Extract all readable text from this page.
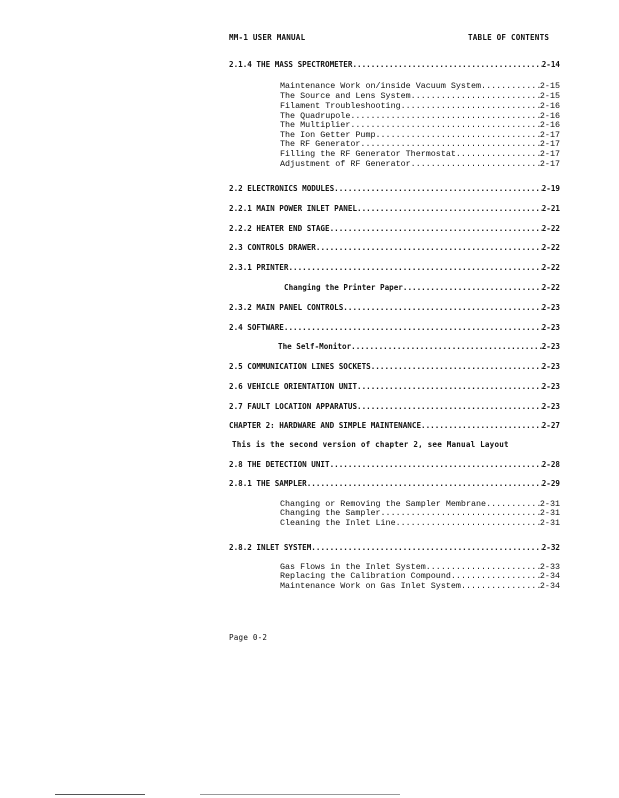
MM-1 USER MANUAL	TABLE OF CONTENTS
2.1.4 THE MASS SPECTROMETER .....	2-14
Maintenance Work on/inside Vacuum System .....	2-15
The Source and Lens System .....	2-15
Filament Troubleshooting .....	2-16
The Quadrupole .....	2-16
The Multiplier .....	2-16
The Ion Getter Pump .....	2-17
The RF Generator .....	2-17
Filling the RF Generator Thermostat .....	2-17
Adjustment of RF Generator .....	2-17
2.2 ELECTRONICS MODULES .....	2-19
2.2.1 MAIN POWER INLET PANEL .....	2-21
2.2.2 HEATER END STAGE .....	2-22
2.3 CONTROLS DRAWER .....	2-22
2.3.1 PRINTER .....	2-22
Changing the Printer Paper .....	2-22
2.3.2 MAIN PANEL CONTROLS .....	2-23
2.4 SOFTWARE .....	2-23
The Self-Monitor .....	2-23
2.5 COMMUNICATION LINES SOCKETS .....	2-23
2.6 VEHICLE ORIENTATION UNIT .....	2-23
2.7 FAULT LOCATION APPARATUS .....	2-23
CHAPTER 2: HARDWARE AND SIMPLE MAINTENANCE .....	2-27
2.8 THE DETECTION UNIT .....	2-28
2.8.1 THE SAMPLER .....	2-29
Changing or Removing the Sampler Membrane .....	2-31
Changing the Sampler .....	2-31
Cleaning the Inlet Line .....	2-31
2.8.2 INLET SYSTEM .....	2-32
Gas Flows in the Inlet System .....	2-33
Replacing the Calibration Compound .....	2-34
Maintenance Work on Gas Inlet System .....	2-34
This is the second version of chapter 2, see Manual Layout
Page 0-2
